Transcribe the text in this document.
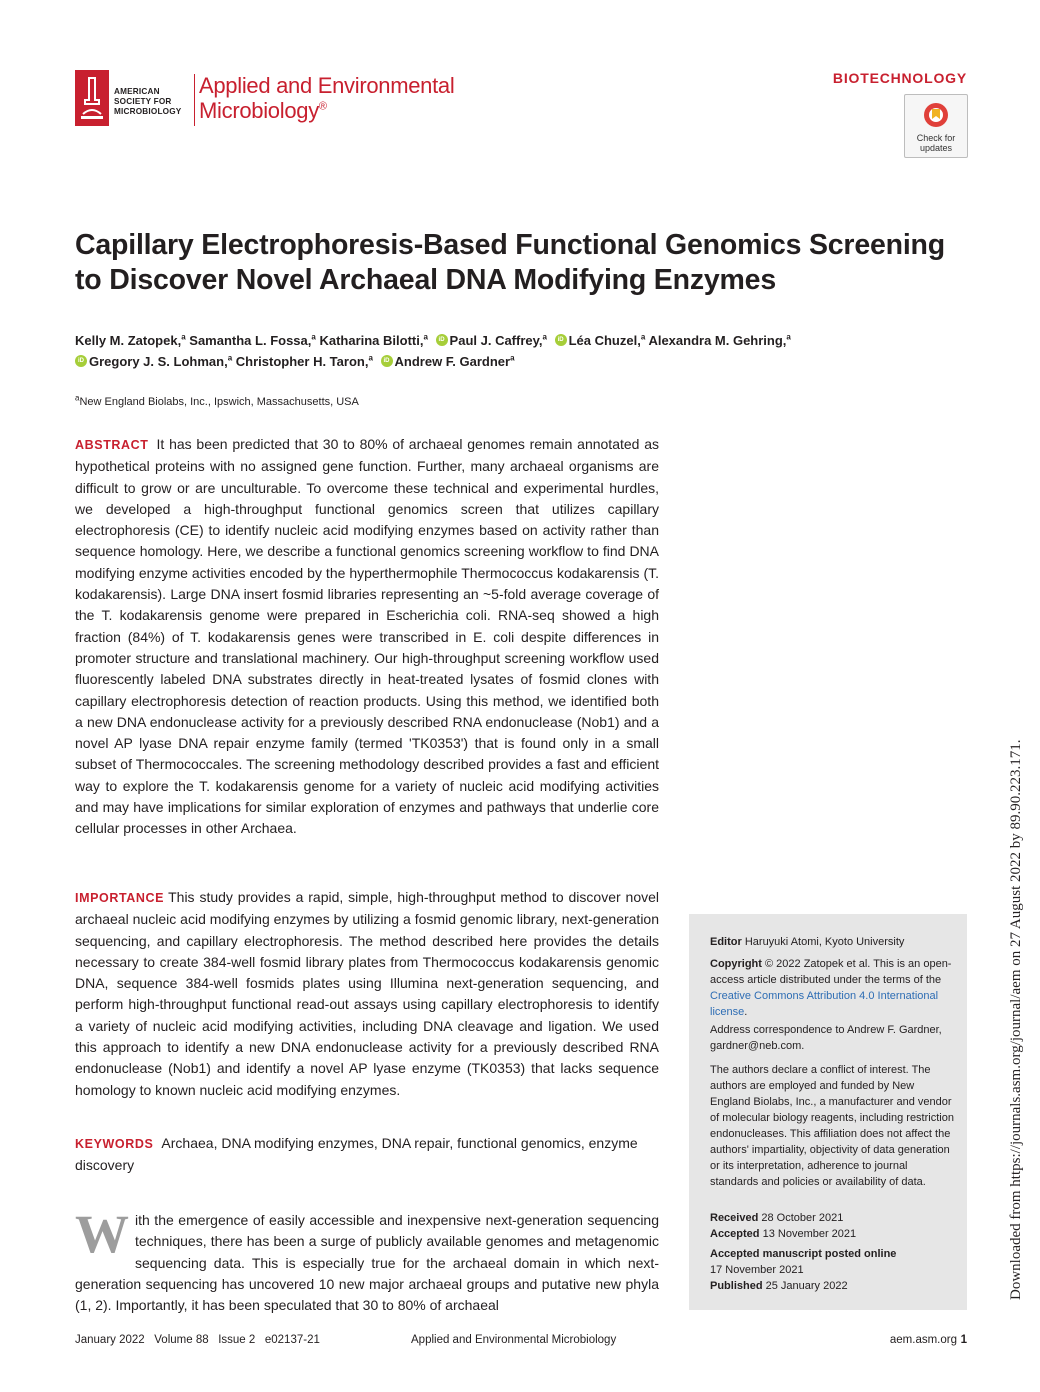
AMERICAN
SOCIETY FOR
MICROBIOLOGY
Applied and Environmental
Microbiology®
BIOTECHNOLOGY
Check for
updates
Capillary Electrophoresis-Based Functional Genomics Screening to Discover Novel Archaeal DNA Modifying Enzymes
Kelly M. Zatopek,$^a$ Samantha L. Fossa,$^a$ Katharina Bilotti,$^a$ iD Paul J. Caffrey,$^a$ iD Léa Chuzel,$^a$ Alexandra M. Gehring,$^a$
iDGregory J. S. Lohman,$^a$ Christopher H. Taron,$^a$ iD Andrew F. Gardner$^a$
$^a$New England Biolabs, Inc., Ipswich, Massachusetts, USA
ABSTRACT It has been predicted that 30 to 80% of archaeal genomes remain annotated as hypothetical proteins with no assigned gene function. Further, many archaeal organisms are difficult to grow or are unculturable. To overcome these technical and experimental hurdles, we developed a high-throughput functional genomics screen that utilizes capillary electrophoresis (CE) to identify nucleic acid modifying enzymes based on activity rather than sequence homology. Here, we describe a functional genomics screening workflow to find DNA modifying enzyme activities encoded by the hyperthermophile Thermococcus kodakarensis (T. kodakarensis). Large DNA insert fosmid libraries representing an ~5-fold average coverage of the T. kodakarensis genome were prepared in Escherichia coli. RNA-seq showed a high fraction (84%) of T. kodakarensis genes were transcribed in E. coli despite differences in promoter structure and translational machinery. Our high-throughput screening workflow used fluorescently labeled DNA substrates directly in heat-treated lysates of fosmid clones with capillary electrophoresis detection of reaction products. Using this method, we identified both a new DNA endonuclease activity for a previously described RNA endonuclease (Nob1) and a novel AP lyase DNA repair enzyme family (termed 'TK0353') that is found only in a small subset of Thermococcales. The screening methodology described provides a fast and efficient way to explore the T. kodakarensis genome for a variety of nucleic acid modifying activities and may have implications for similar exploration of enzymes and pathways that underlie core cellular processes in other Archaea.
IMPORTANCE This study provides a rapid, simple, high-throughput method to discover novel archaeal nucleic acid modifying enzymes by utilizing a fosmid genomic library, next-generation sequencing, and capillary electrophoresis. The method described here provides the details necessary to create 384-well fosmid library plates from Thermococcus kodakarensis genomic DNA, sequence 384-well fosmids plates using Illumina next-generation sequencing, and perform high-throughput functional read-out assays using capillary electrophoresis to identify a variety of nucleic acid modifying activities, including DNA cleavage and ligation. We used this approach to identify a new DNA endonuclease activity for a previously described RNA endonuclease (Nob1) and identify a novel AP lyase enzyme (TK0353) that lacks sequence homology to known nucleic acid modifying enzymes.
KEYWORDS Archaea, DNA modifying enzymes, DNA repair, functional genomics, enzyme discovery
With the emergence of easily accessible and inexpensive next-generation sequencing techniques, there has been a surge of publicly available genomes and metagenomic sequencing data. This is especially true for the archaeal domain in which next-generation sequencing has uncovered 10 new major archaeal groups and putative new phyla (1, 2). Importantly, it has been speculated that 30 to 80% of archaeal
Editor Haruyuki Atomi, Kyoto University
Copyright © 2022 Zatopek et al. This is an open-access article distributed under the terms of the Creative Commons Attribution 4.0 International license.
Address correspondence to Andrew F. Gardner, gardner@neb.com.
The authors declare a conflict of interest. The authors are employed and funded by New England Biolabs, Inc., a manufacturer and vendor of molecular biology reagents, including restriction endonucleases. This affiliation does not affect the authors' impartiality, objectivity of data generation or its interpretation, adherence to journal standards and policies or availability of data.
Received 28 October 2021
Accepted 13 November 2021
Accepted manuscript posted online
17 November 2021
Published 25 January 2022
January 2022   Volume 88   Issue 2   e02137-21	Applied and Environmental Microbiology	aem.asm.org 1
Downloaded from https://journals.asm.org/journal/aem on 27 August 2022 by 89.90.223.171.
